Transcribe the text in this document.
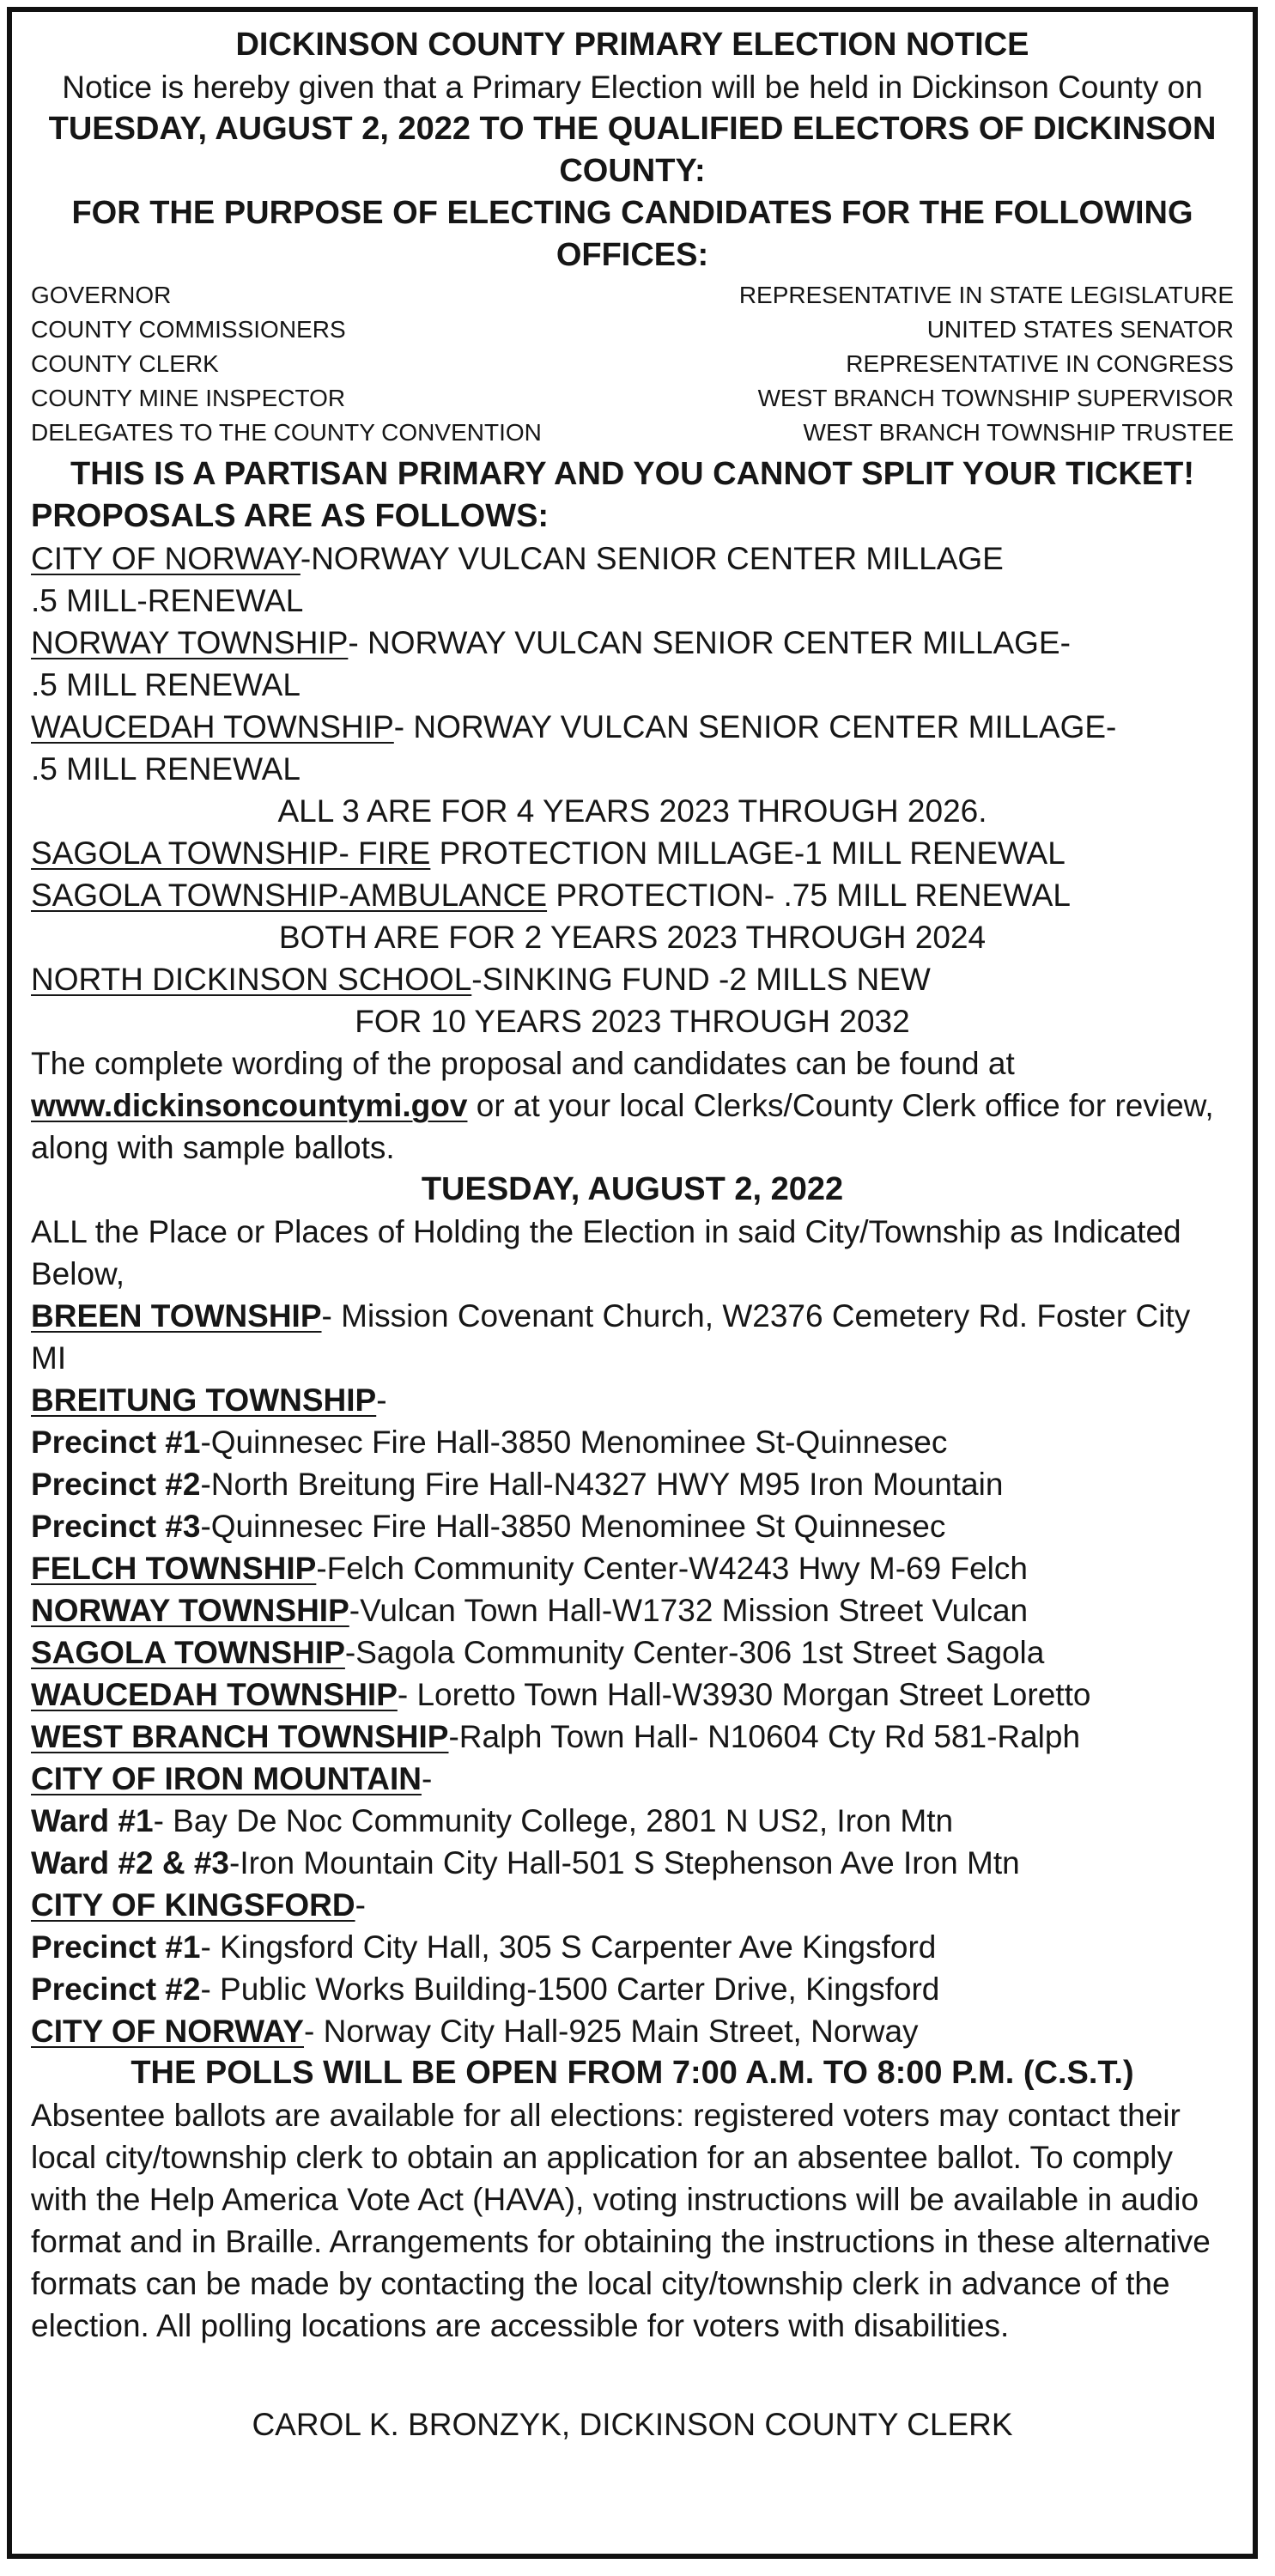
DICKINSON COUNTY PRIMARY ELECTION NOTICE
Notice is hereby given that a Primary Election will be held in Dickinson County on
TUESDAY, AUGUST 2, 2022 TO THE QUALIFIED ELECTORS OF DICKINSON COUNTY:
FOR THE PURPOSE OF ELECTING CANDIDATES FOR THE FOLLOWING OFFICES:
GOVERNOR	REPRESENTATIVE IN STATE LEGISLATURE
COUNTY COMMISSIONERS	UNITED STATES SENATOR
COUNTY CLERK	REPRESENTATIVE IN CONGRESS
COUNTY MINE INSPECTOR	WEST BRANCH TOWNSHIP SUPERVISOR
DELEGATES TO THE COUNTY CONVENTION	WEST BRANCH TOWNSHIP TRUSTEE
THIS IS A PARTISAN PRIMARY AND YOU CANNOT SPLIT YOUR TICKET!
PROPOSALS ARE AS FOLLOWS:
CITY OF NORWAY-NORWAY VULCAN SENIOR CENTER MILLAGE
.5 MILL-RENEWAL
NORWAY TOWNSHIP- NORWAY VULCAN SENIOR CENTER MILLAGE-
.5 MILL RENEWAL
WAUCEDAH TOWNSHIP- NORWAY VULCAN SENIOR CENTER MILLAGE-
.5 MILL RENEWAL
ALL 3 ARE FOR 4 YEARS 2023 THROUGH 2026.
SAGOLA TOWNSHIP- FIRE PROTECTION MILLAGE-1 MILL RENEWAL
SAGOLA TOWNSHIP-AMBULANCE PROTECTION- .75 MILL RENEWAL
BOTH ARE FOR 2 YEARS 2023 THROUGH 2024
NORTH DICKINSON SCHOOL-SINKING FUND -2 MILLS NEW
FOR 10 YEARS 2023 THROUGH 2032
The complete wording of the proposal and candidates can be found at www.dickinsoncountymi.gov or at your local Clerks/County Clerk office for review, along with sample ballots.
TUESDAY, AUGUST 2, 2022
ALL the Place or Places of Holding the Election in said City/Township as Indicated Below,
BREEN TOWNSHIP- Mission Covenant Church, W2376 Cemetery Rd. Foster City MI
BREITUNG TOWNSHIP-
Precinct #1-Quinnesec Fire Hall-3850 Menominee St-Quinnesec
Precinct #2-North Breitung Fire Hall-N4327 HWY M95 Iron Mountain
Precinct #3-Quinnesec Fire Hall-3850 Menominee St Quinnesec
FELCH TOWNSHIP-Felch Community Center-W4243 Hwy M-69 Felch
NORWAY TOWNSHIP-Vulcan Town Hall-W1732 Mission Street Vulcan
SAGOLA TOWNSHIP-Sagola Community Center-306 1st Street Sagola
WAUCEDAH TOWNSHIP- Loretto Town Hall-W3930 Morgan Street Loretto
WEST BRANCH TOWNSHIP-Ralph Town Hall- N10604 Cty Rd 581-Ralph
CITY OF IRON MOUNTAIN-
Ward #1- Bay De Noc Community College, 2801 N US2, Iron Mtn
Ward #2 & #3-Iron Mountain City Hall-501 S Stephenson Ave Iron Mtn
CITY OF KINGSFORD-
Precinct #1- Kingsford City Hall, 305 S Carpenter Ave Kingsford
Precinct #2- Public Works Building-1500 Carter Drive, Kingsford
CITY OF NORWAY- Norway City Hall-925 Main Street, Norway
THE POLLS WILL BE OPEN FROM 7:00 A.M. TO 8:00 P.M. (C.S.T.)
Absentee ballots are available for all elections: registered voters may contact their local city/township clerk to obtain an application for an absentee ballot. To comply with the Help America Vote Act (HAVA), voting instructions will be available in audio format and in Braille. Arrangements for obtaining the instructions in these alternative formats can be made by contacting the local city/township clerk in advance of the election. All polling locations are accessible for voters with disabilities.
CAROL K. BRONZYK, DICKINSON COUNTY CLERK
